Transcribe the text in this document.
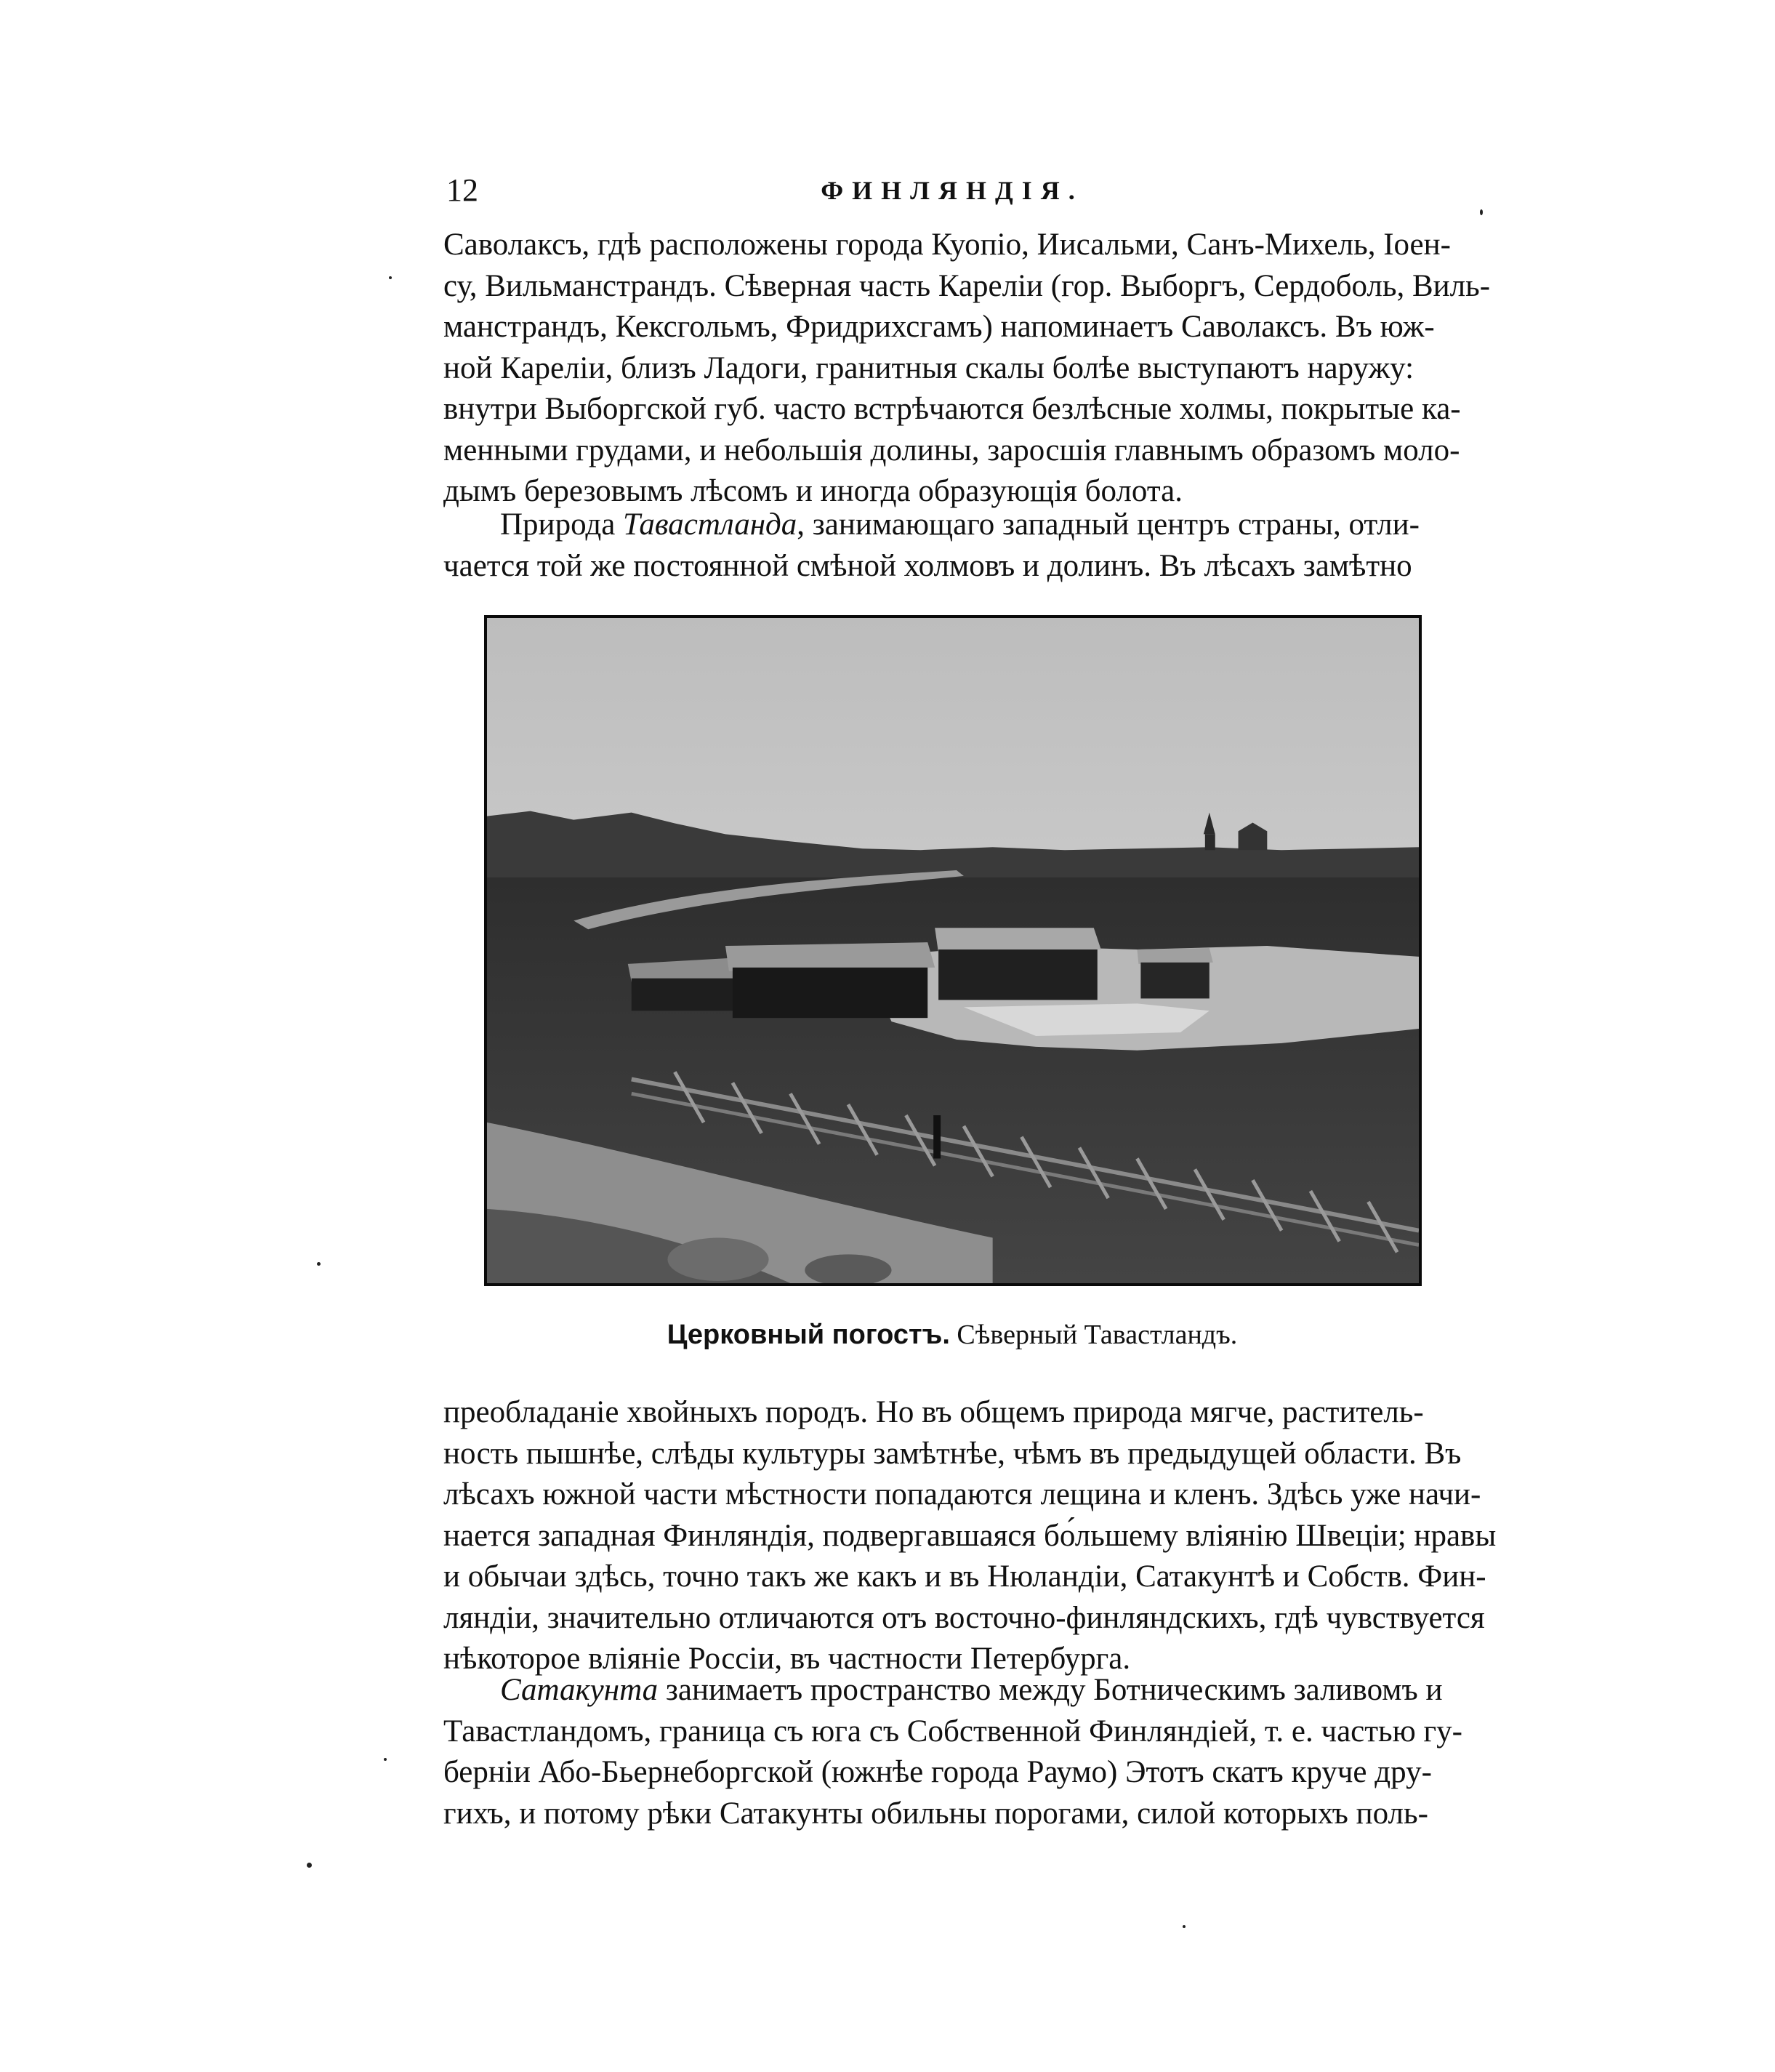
12	ФИНЛЯНДІЯ.

Саволаксъ, гдѣ расположены города Куопіо, Иисальми, Санъ-Михель, Іоен-
су, Вильманстрандъ. Сѣверная часть Кареліи (гор. Выборгъ, Сердоболь, Виль-
манстрандъ, Кексгольмъ, Фридрихсгамъ) напоминаетъ Саволаксъ. Въ юж-
ной Кареліи, близъ Ладоги, гранитныя скалы болѣе выступаютъ наружу:
внутри Выборгской губ. часто встрѣчаются безлѣсные холмы, покрытые ка-
менными грудами, и небольшія долины, заросшія главнымъ образомъ моло-
дымъ березовымъ лѣсомъ и иногда образующія болота.

Природа Тавастланда, занимающаго западный центръ страны, отли-
чается той же постоянной смѣной холмовъ и долинъ. Въ лѣсахъ замѣтно

Церковный погостъ. Сѣверный Тавастландъ.

преобладаніе хвойныхъ породъ. Но въ общемъ природа мягче, раститель-
ность пышнѣе, слѣды культуры замѣтнѣе, чѣмъ въ предыдущей области. Въ
лѣсахъ южной части мѣстности попадаются лещина и кленъ. Здѣсь уже начи-
нается западная Финляндія, подвергавшаяся бо́льшему вліянію Швеціи; нравы
и обычаи здѣсь, точно такъ же какъ и въ Нюландіи, Сатакунтѣ и Собств. Фин-
ляндіи, значительно отличаются отъ восточно-финляндскихъ, гдѣ чувствуется
нѣкоторое вліяніе Россіи, въ частности Петербурга.

Сатакунта занимаетъ пространство между Ботническимъ заливомъ и
Тавастландомъ, граница съ юга съ Собственной Финляндіей, т. е. частью гу-
берніи Або-Бьернеборгской (южнѣе города Раумо) Этотъ скатъ круче дру-
гихъ, и потому рѣки Сатакунты обильны порогами, силой которыхъ поль-
